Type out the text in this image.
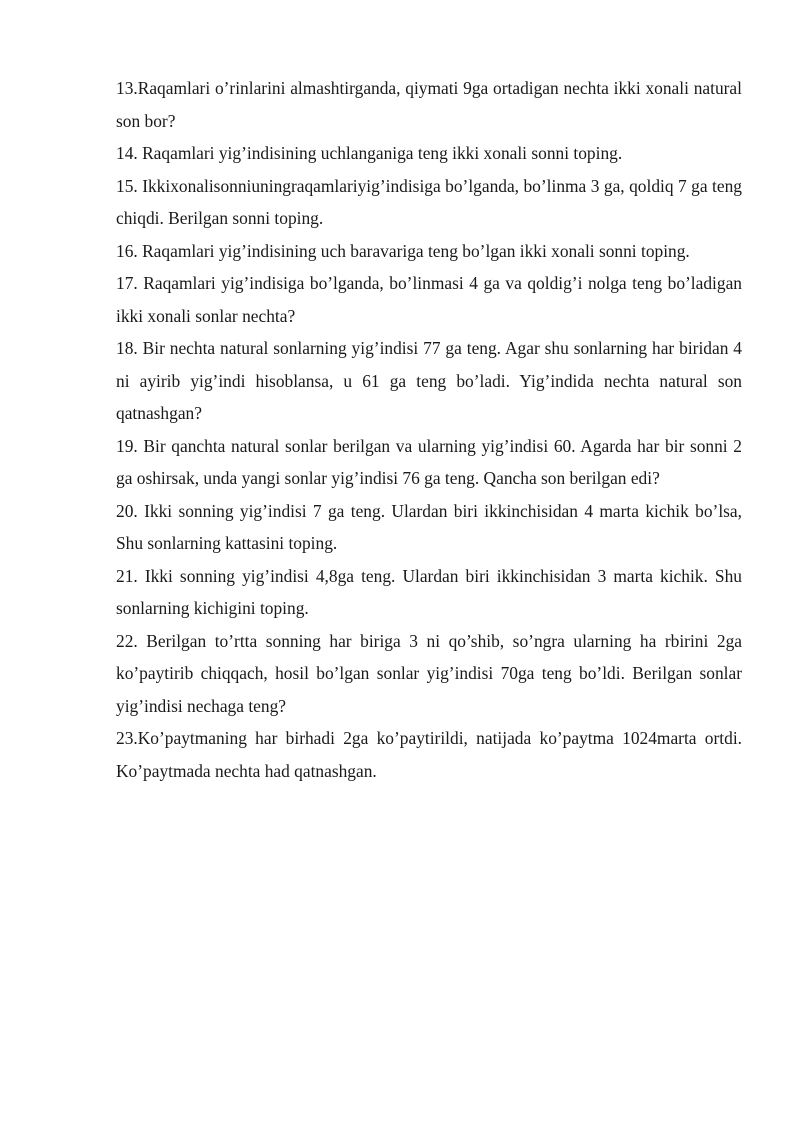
13.Raqamlari o’rinlarini almashtirganda, qiymati 9ga ortadigan nechta ikki xonali natural son bor?

14. Raqamlari yig’indisining uchlanganiga teng ikki xonali sonni toping.

15. Ikkixonalisonniuningraqamlariyig’indisiga bo’lganda, bo’linma 3 ga, qoldiq 7 ga teng chiqdi. Berilgan sonni toping.

16. Raqamlari yig’indisining uch baravariga teng bo’lgan ikki xonali sonni toping.

17. Raqamlari yig’indisiga bo’lganda, bo’linmasi 4 ga va qoldig’i nolga teng bo’ladigan ikki xonali sonlar nechta?

18. Bir nechta natural sonlarning yig’indisi 77 ga teng. Agar shu sonlarning har biridan 4 ni ayirib yig’indi hisoblansa, u 61 ga teng bo’ladi. Yig’indida nechta natural son qatnashgan?

19. Bir qanchta natural sonlar berilgan va ularning yig’indisi 60. Agarda har bir sonni 2 ga oshirsak, unda yangi sonlar yig’indisi 76 ga teng. Qancha son berilgan edi?

20. Ikki sonning yig’indisi 7 ga teng. Ulardan biri ikkinchisidan 4 marta kichik bo’lsa, Shu sonlarning kattasini toping.

21. Ikki sonning yig’indisi 4,8ga teng. Ulardan biri ikkinchisidan 3 marta kichik. Shu sonlarning kichigini toping.

22. Berilgan to’rtta sonning har biriga 3 ni qo’shib, so’ngra ularning ha rbirini 2ga ko’paytirib chiqqach, hosil bo’lgan sonlar yig’indisi 70ga teng bo’ldi. Berilgan sonlar yig’indisi nechaga teng?

23.Ko’paytmaning har birhadi 2ga ko’paytirildi, natijada ko’paytma 1024marta ortdi. Ko’paytmada nechta had qatnashgan.
